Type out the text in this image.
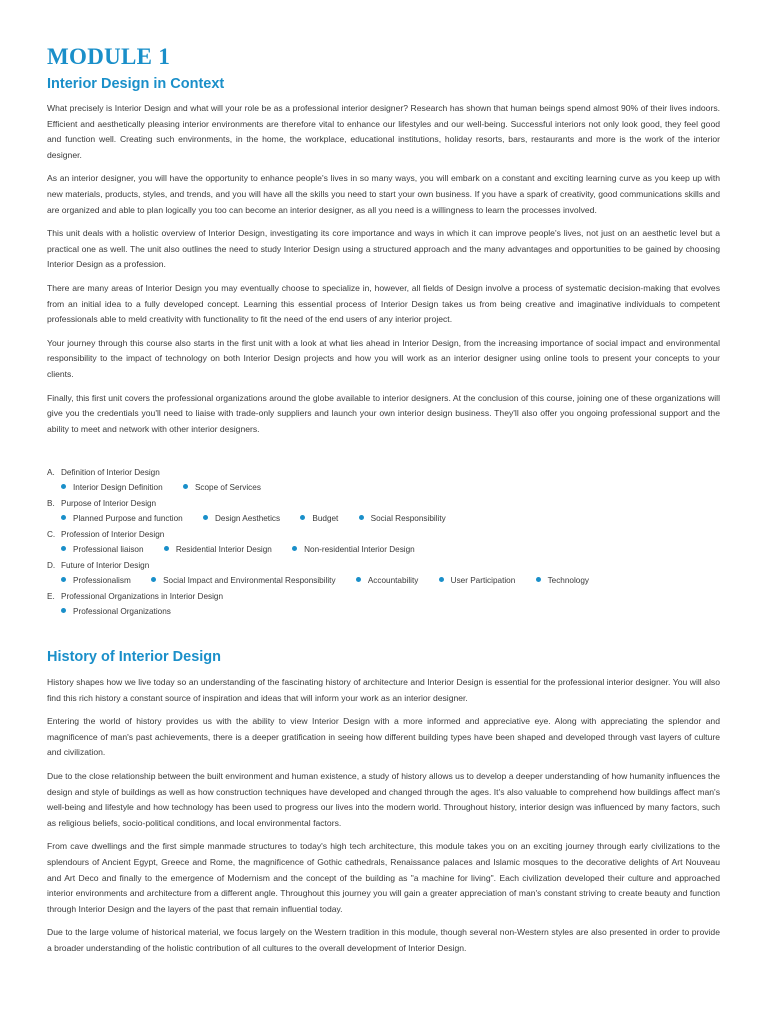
MODULE 1
Interior Design in Context

What precisely is Interior Design and what will your role be as a professional interior designer? Research has shown that human beings spend almost 90% of their lives indoors. Efficient and aesthetically pleasing interior environments are therefore vital to enhance our lifestyles and our well-being. Successful interiors not only look good, they feel good and function well. Creating such environments, in the home, the workplace, educational institutions, holiday resorts, bars, restaurants and more is the work of the interior designer.

As an interior designer, you will have the opportunity to enhance people's lives in so many ways, you will embark on a constant and exciting learning curve as you keep up with new materials, products, styles, and trends, and you will have all the skills you need to start your own business. If you have a spark of creativity, good communications skills and are organized and able to plan logically you too can become an interior designer, as all you need is a willingness to learn the processes involved.

This unit deals with a holistic overview of Interior Design, investigating its core importance and ways in which it can improve people's lives, not just on an aesthetic level but a practical one as well. The unit also outlines the need to study Interior Design using a structured approach and the many advantages and opportunities to be gained by choosing Interior Design as a profession.

There are many areas of Interior Design you may eventually choose to specialize in, however, all fields of Design involve a process of systematic decision-making that evolves from an initial idea to a fully developed concept. Learning this essential process of Interior Design takes us from being creative and imaginative individuals to competent professionals able to meld creativity with functionality to fit the need of the end users of any interior project.

Your journey through this course also starts in the first unit with a look at what lies ahead in Interior Design, from the increasing importance of social impact and environmental responsibility to the impact of technology on both Interior Design projects and how you will work as an interior designer using online tools to present your concepts to your clients.

Finally, this first unit covers the professional organizations around the globe available to interior designers. At the conclusion of this course, joining one of these organizations will give you the credentials you'll need to liaise with trade-only suppliers and launch your own interior design business. They'll also offer you ongoing professional support and the ability to meet and network with other interior designers.

A. Definition of Interior Design
Interior Design Definition	Scope of Services
B. Purpose of Interior Design
Planned Purpose and function	Design Aesthetics	Budget	Social Responsibility
C. Profession of Interior Design
Professional liaison	Residential Interior Design	Non-residential Interior Design
D. Future of Interior Design
Professionalism	Social Impact and Environmental Responsibility	Accountability	User Participation	Technology
E. Professional Organizations in Interior Design
Professional Organizations
History of Interior Design

History shapes how we live today so an understanding of the fascinating history of architecture and Interior Design is essential for the professional interior designer. You will also find this rich history a constant source of inspiration and ideas that will inform your work as an interior designer.

Entering the world of history provides us with the ability to view Interior Design with a more informed and appreciative eye. Along with appreciating the splendor and magnificence of man's past achievements, there is a deeper gratification in seeing how different building types have been shaped and developed through vast layers of culture and civilization.

Due to the close relationship between the built environment and human existence, a study of history allows us to develop a deeper understanding of how humanity influences the design and style of buildings as well as how construction techniques have developed and changed through the ages. It's also valuable to comprehend how buildings affect man's well-being and lifestyle and how technology has been used to progress our lives into the modern world. Throughout history, interior design was influenced by many factors, such as religious beliefs, socio-political conditions, and local environmental factors.

From cave dwellings and the first simple manmade structures to today's high tech architecture, this module takes you on an exciting journey through early civilizations to the splendours of Ancient Egypt, Greece and Rome, the magnificence of Gothic cathedrals, Renaissance palaces and Islamic mosques to the decorative delights of Art Nouveau and Art Deco and finally to the emergence of Modernism and the concept of the building as "a machine for living". Each civilization developed their culture and approached interior environments and architecture from a different angle. Throughout this journey you will gain a greater appreciation of man's constant striving to create beauty and function through Interior Design and the layers of the past that remain influential today.

Due to the large volume of historical material, we focus largely on the Western tradition in this module, though several non-Western styles are also presented in order to provide a broader understanding of the holistic contribution of all cultures to the overall development of Interior Design.
